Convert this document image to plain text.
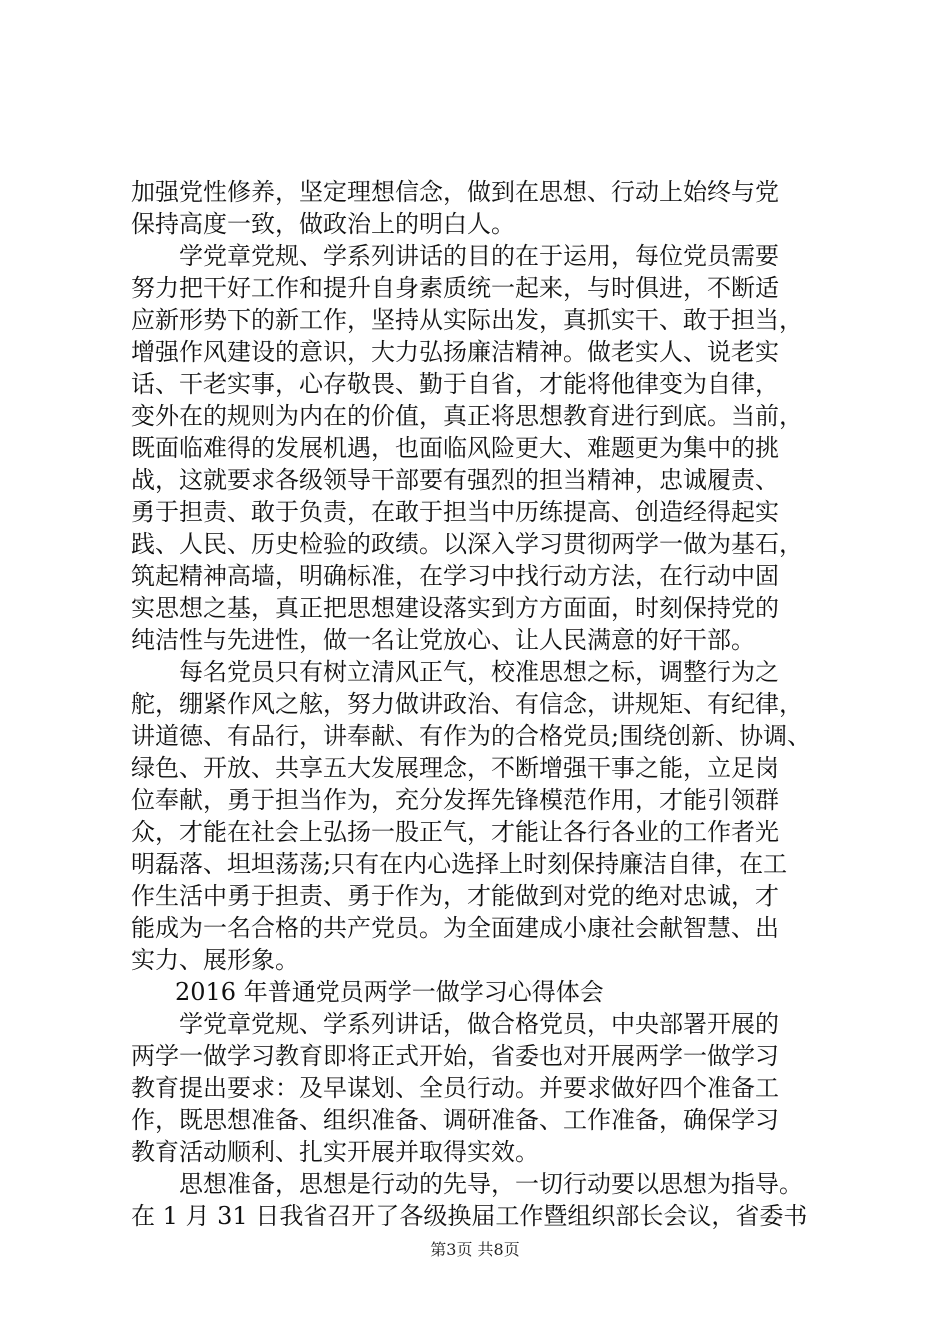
加强党性修养，坚定理想信念，做到在思想、行动上始终与党
保持高度一致，做政治上的明白人。
学党章党规、学系列讲话的目的在于运用，每位党员需要
努力把干好工作和提升自身素质统一起来，与时俱进，不断适
应新形势下的新工作，坚持从实际出发，真抓实干、敢于担当，
增强作风建设的意识，大力弘扬廉洁精神。做老实人、说老实
话、干老实事，心存敬畏、勤于自省，才能将他律变为自律，
变外在的规则为内在的价值，真正将思想教育进行到底。当前，
既面临难得的发展机遇，也面临风险更大、难题更为集中的挑
战，这就要求各级领导干部要有强烈的担当精神，忠诚履责、
勇于担责、敢于负责，在敢于担当中历练提高、创造经得起实
践、人民、历史检验的政绩。以深入学习贯彻两学一做为基石，
筑起精神高墙，明确标准，在学习中找行动方法，在行动中固
实思想之基，真正把思想建设落实到方方面面，时刻保持党的
纯洁性与先进性，做一名让党放心、让人民满意的好干部。
每名党员只有树立清风正气，校准思想之标，调整行为之
舵，绷紧作风之舷，努力做讲政治、有信念，讲规矩、有纪律，
讲道德、有品行，讲奉献、有作为的合格党员;围绕创新、协调、
绿色、开放、共享五大发展理念，不断增强干事之能，立足岗
位奉献，勇于担当作为，充分发挥先锋模范作用，才能引领群
众，才能在社会上弘扬一股正气，才能让各行各业的工作者光
明磊落、坦坦荡荡;只有在内心选择上时刻保持廉洁自律，在工
作生活中勇于担责、勇于作为，才能做到对党的绝对忠诚，才
能成为一名合格的共产党员。为全面建成小康社会献智慧、出
实力、展形象。
2016 年普通党员两学一做学习心得体会
学党章党规、学系列讲话，做合格党员，中央部署开展的
两学一做学习教育即将正式开始，省委也对开展两学一做学习
教育提出要求：及早谋划、全员行动。并要求做好四个准备工
作，既思想准备、组织准备、调研准备、工作准备，确保学习
教育活动顺利、扎实开展并取得实效。
思想准备，思想是行动的先导，一切行动要以思想为指导。
在 1 月 31 日我省召开了各级换届工作暨组织部长会议，省委书
第3页 共8页
